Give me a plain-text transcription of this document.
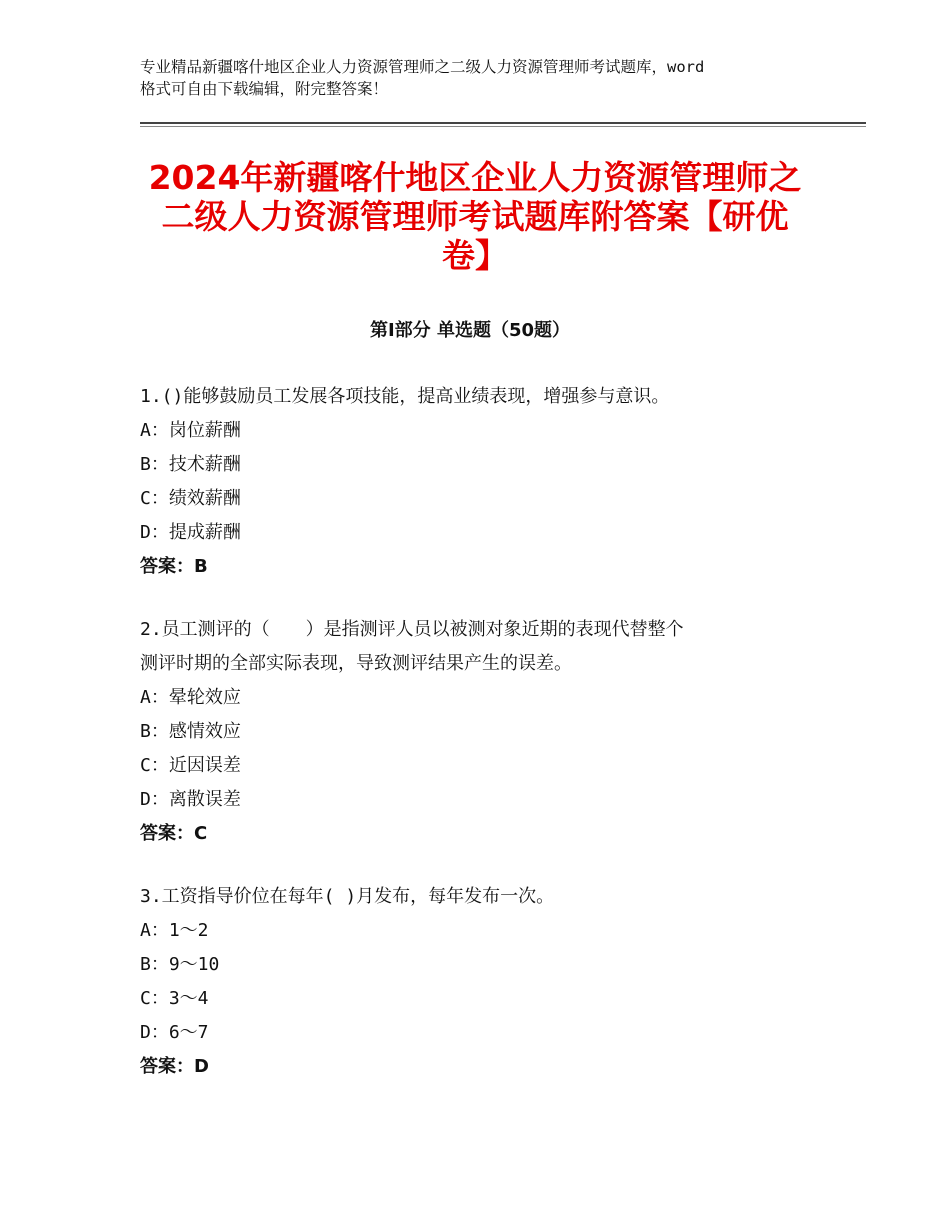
专业精品新疆喀什地区企业人力资源管理师之二级人力资源管理师考试题库，word
格式可自由下载编辑，附完整答案！
2024年新疆喀什地区企业人力资源管理师之
二级人力资源管理师考试题库附答案【研优
卷】
第Ⅰ部分 单选题（50题）
1.()能够鼓励员工发展各项技能，提高业绩表现，增强参与意识。
A：岗位薪酬
B：技术薪酬
C：绩效薪酬
D：提成薪酬
答案：B
2.员工测评的（　　）是指测评人员以被测对象近期的表现代替整个
测评时期的全部实际表现，导致测评结果产生的误差。
A：晕轮效应
B：感情效应
C：近因误差
D：离散误差
答案：C
3.工资指导价位在每年( )月发布，每年发布一次。
A：1～2
B：9～10
C：3～4
D：6～7
答案：D
